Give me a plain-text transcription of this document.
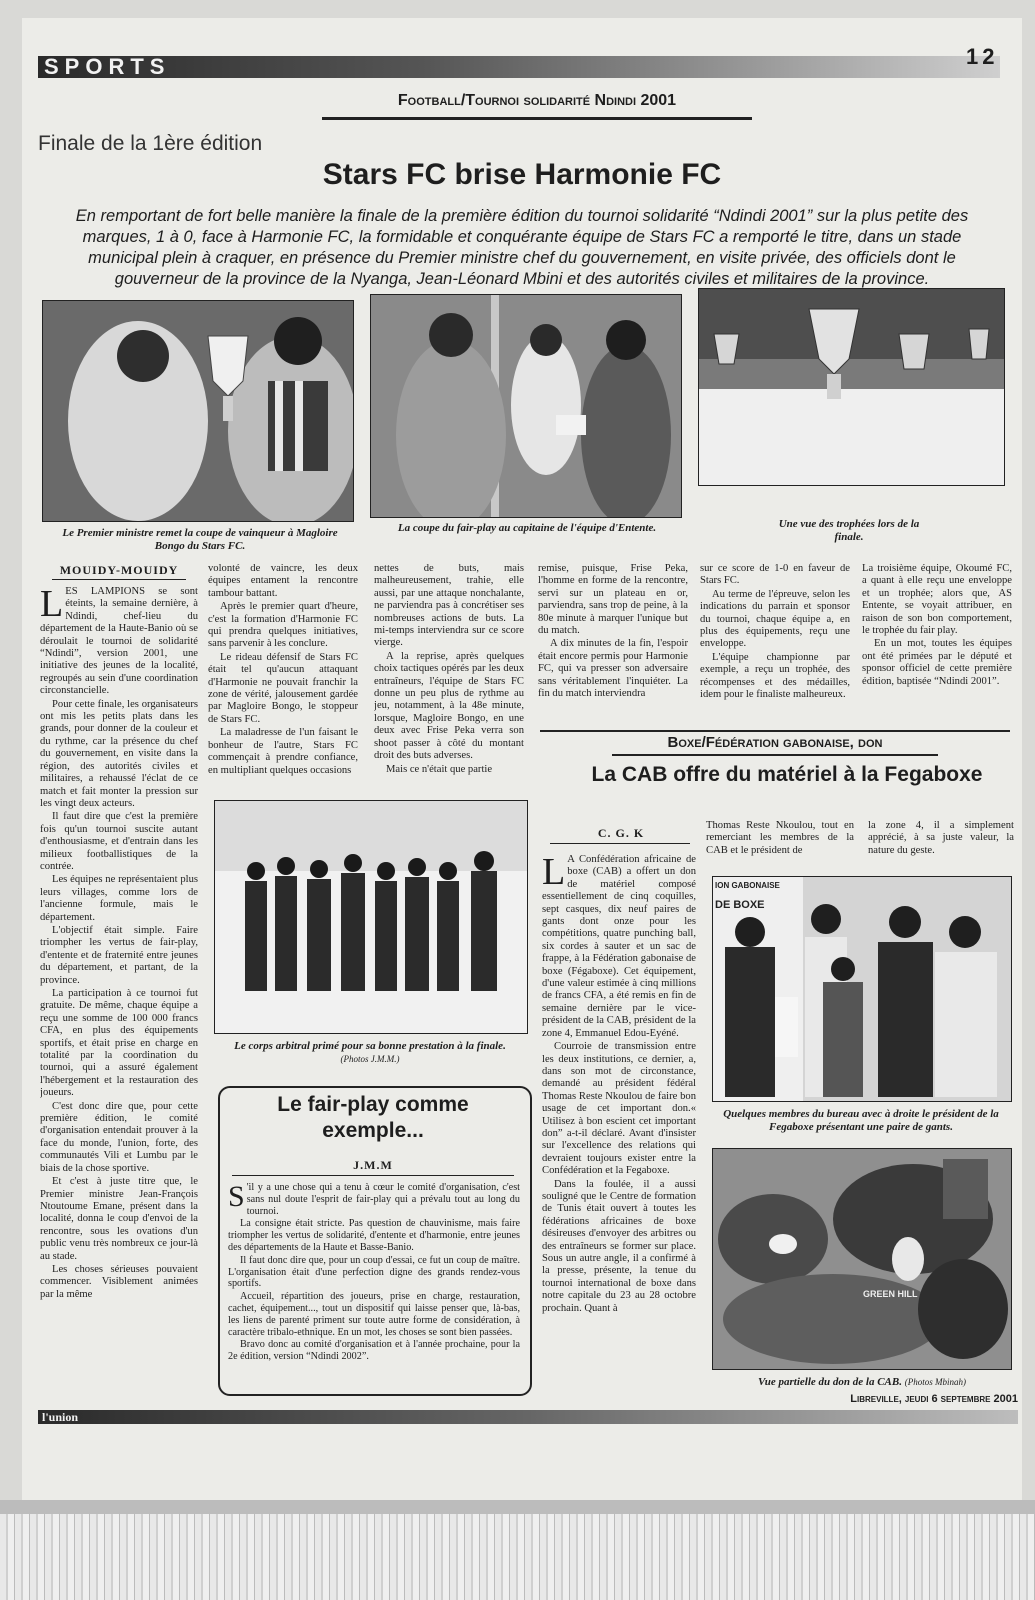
SPORTS	12
Football/Tournoi solidarité Ndindi 2001
Finale de la 1ère édition
Stars FC brise Harmonie FC
En remportant de fort belle manière la finale de la première édition du tournoi solidarité “Ndindi 2001” sur la plus petite des marques, 1 à 0, face à Harmonie FC, la formidable et conquérante équipe de Stars FC a remporté le titre, dans un stade municipal plein à craquer, en présence du Premier ministre chef du gouvernement, en visite privée, des officiels dont le gouverneur de la province de la Nyanga, Jean-Léonard Mbini et des autorités civiles et militaires de la province.
Le Premier ministre remet la coupe de vainqueur à Magloire Bongo du Stars FC.
La coupe du fair-play au capitaine de l'équipe d'Entente.	Une vue des trophées lors de la finale.
MOUIDY-MOUIDY

LES LAMPIONS se sont éteints, la semaine dernière, à Ndindi, chef-lieu du département de la Haute-Banio où se déroulait le tournoi de solidarité “Ndindi”, version 2001, une initiative des jeunes de la localité, regroupés au sein d'une coordination circonstancielle.

Pour cette finale, les organisateurs ont mis les petits plats dans les grands, pour donner de la couleur et du rythme, car la présence du chef du gouvernement, en visite dans la région, des autorités civiles et militaires, a rehaussé l'éclat de ce match et fait monter la pression sur les vingt deux acteurs.

Il faut dire que c'est la première fois qu'un tournoi suscite autant d'enthousiasme, et d'entrain dans les milieux footballistiques de la contrée.

Les équipes ne représentaient plus leurs villages, comme lors de l'ancienne formule, mais le département.

L'objectif était simple. Faire triompher les vertus de fair-play, d'entente et de fraternité entre jeunes du département, et partant, de la province.

La participation à ce tournoi fut gratuite. De même, chaque équipe a reçu une somme de 100 000 francs CFA, en plus des équipements sportifs, et était prise en charge en totalité par la coordination du tournoi, qui a assuré également l'hébergement et la restauration des joueurs.

C'est donc dire que, pour cette première édition, le comité d'organisation entendait prouver à la face du monde, l'union, forte, des communautés Vili et Lumbu par le biais de la chose sportive.

Et c'est à juste titre que, le Premier ministre Jean-François Ntoutoume Emane, présent dans la localité, donna le coup d'envoi de la rencontre, sous les ovations d'un public venu très nombreux ce jour-là au stade.

Les choses sérieuses pouvaient commencer. Visiblement animées par la même

volonté de vaincre, les deux équipes entament la rencontre tambour battant.

Après le premier quart d'heure, c'est la formation d'Harmonie FC qui prendra quelques initiatives, sans parvenir à les conclure.

Le rideau défensif de Stars FC était tel qu'aucun attaquant d'Harmonie ne pouvait franchir la zone de vérité, jalousement gardée par Magloire Bongo, le stoppeur de Stars FC.

La maladresse de l'un faisant le bonheur de l'autre, Stars FC commençait à prendre confiance, en multipliant quelques occasions

nettes de buts, mais malheureusement, trahie, elle aussi, par une attaque nonchalante, ne parviendra pas à concrétiser ses nombreuses actions de buts. La mi-temps interviendra sur ce score vierge.

A la reprise, après quelques choix tactiques opérés par les deux entraîneurs, l'équipe de Stars FC donne un peu plus de rythme au jeu, notamment, à la 48e minute, lorsque, Magloire Bongo, en une deux avec Frise Peka verra son shoot passer à côté du montant droit des buts adverses.

Mais ce n'était que partie

remise, puisque, Frise Peka, l'homme en forme de la rencontre, servi sur un plateau en or, parviendra, sans trop de peine, à la 80e minute à marquer l'unique but du match.

A dix minutes de la fin, l'espoir était encore permis pour Harmonie FC, qui va presser son adversaire sans véritablement l'inquiéter. La fin du match interviendra

sur ce score de 1-0 en faveur de Stars FC.

Au terme de l'épreuve, selon les indications du parrain et sponsor du tournoi, chaque équipe a, en plus des équipements, reçu une enveloppe.

L'équipe championne par exemple, a reçu un trophée, des récompenses et des médailles, idem pour le finaliste malheureux.

La troisième équipe, Okoumé FC, a quant à elle reçu une enveloppe et un trophée; alors que, AS Entente, se voyait attribuer, en raison de son bon comportement, le trophée du fair play.

En un mot, toutes les équipes ont été primées par le député et sponsor officiel de cette première édition, baptisée “Ndindi 2001”.

Le corps arbitral primé pour sa bonne prestation à la finale. (Photos J.M.M.)
Le fair-play comme exemple...
J.M.M

S 'il y a une chose qui a tenu à cœur le comité d'organisation, c'est sans nul doute l'esprit de fair-play qui a prévalu tout au long du tournoi.

La consigne était stricte. Pas question de chauvinisme, mais faire triompher les vertus de solidarité, d'entente et d'harmonie, entre jeunes des départements de la Haute et Basse-Banio.

Il faut donc dire que, pour un coup d'essai, ce fut un coup de maître. L'organisation était d'une perfection digne des grands rendez-vous sportifs.

Accueil, répartition des joueurs, prise en charge, restauration, cachet, équipement..., tout un dispositif qui laisse penser que, là-bas, les liens de parenté priment sur toute autre forme de considération, à caractère tribalo-ethnique. En un mot, les choses se sont bien passées.

Bravo donc au comité d'organisation et à l'année prochaine, pour la 2e édition, version “Ndindi 2002”.

Boxe/Fédération gabonaise, don
La CAB offre du matériel à la Fegaboxe
C. G. K

L A Confédération africaine de boxe (CAB) a offert un don de matériel composé essentiellement de cinq coquilles, sept casques, dix neuf paires de gants dont onze pour les compétitions, quatre punching ball, six cordes à sauter et un sac de frappe, à la Fédération gabonaise de boxe (Fégaboxe). Cet équipement, d'une valeur estimée à cinq millions de francs CFA, a été remis en fin de semaine dernière par le vice-président de la CAB, président de la zone 4, Emmanuel Edou-Eyéné.

Courroie de transmission entre les deux institutions, ce dernier, a, dans son mot de circonstance, demandé au président fédéral Thomas Reste Nkoulou de faire bon usage de cet important don.« Utilisez à bon escient cet important don” a-t-il déclaré. Avant d'insister sur l'excellence des relations qui devraient toujours exister entre la Confédération et la Fegaboxe.

Dans la foulée, il a aussi souligné que le Centre de formation de Tunis était ouvert à toutes les fédérations africaines de boxe désireuses d'envoyer des arbitres ou des entraîneurs se former sur place. Sous un autre angle, il a confirmé à la presse, présente, la tenue du tournoi international de boxe dans notre capitale du 23 au 28 octobre prochain. Quant à

Thomas Reste Nkoulou, tout en remerciant les membres de la CAB et le président de

la zone 4, il a simplement apprécié, à sa juste valeur, la nature du geste.

ION GABONAISE
DE BOXE
Quelques membres du bureau avec à droite le président de la Fegaboxe présentant une paire de gants.
GREEN HILL
Vue partielle du don de la CAB. (Photos Mbinah)
l'union
Libreville, jeudi 6 septembre 2001
